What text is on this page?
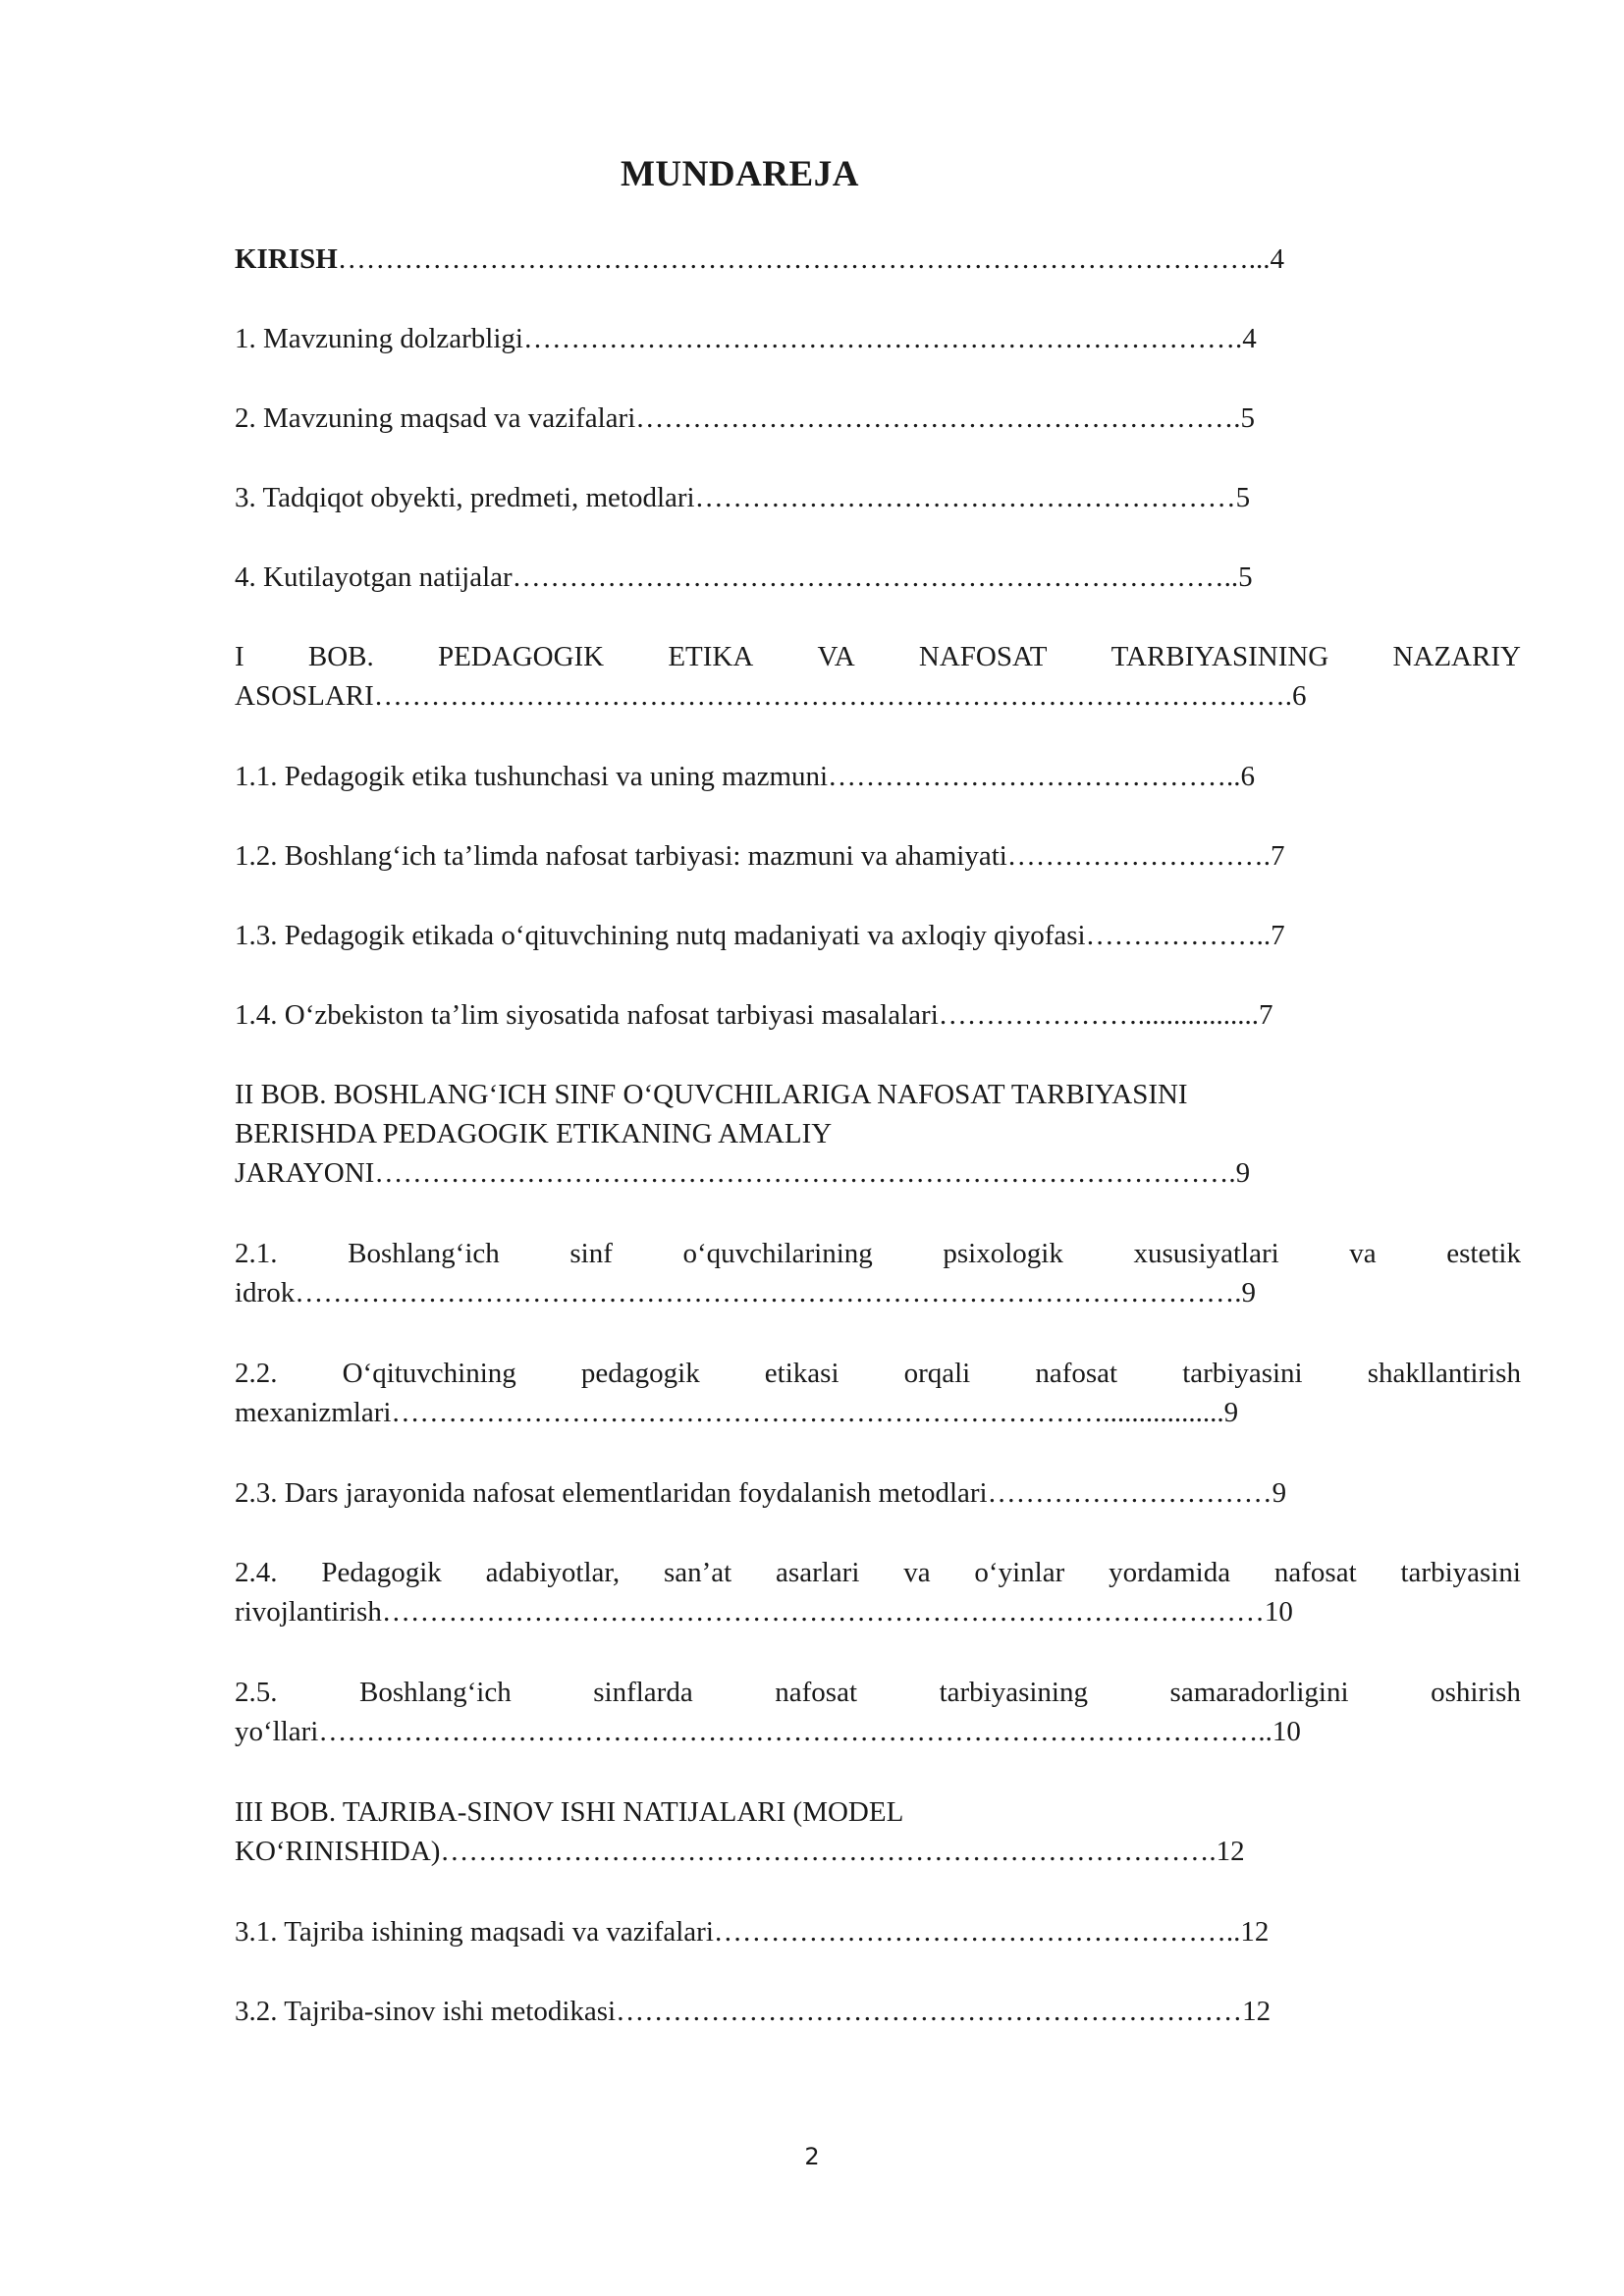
MUNDAREJA
KIRISH……………………………………………………………………………………...4
1. Mavzuning dolzarbligi………………………………………………………………….4
2. Mavzuning maqsad va vazifalari……………………………………………………….5
3. Tadqiqot obyekti, predmeti, metodlari…………………………………………………5
4. Kutilayotgan natijalar…………………………………………………………………..5
I BOB. PEDAGOGIK ETIKA VA NAFOSAT TARBIYASINING NAZARIY
ASOSLARI…………………………………………………………………………………….6
1.1. Pedagogik etika tushunchasi va uning mazmuni……………………………………..6
1.2. Boshlang‘ich ta’limda nafosat tarbiyasi: mazmuni va ahamiyati……………………….7
1.3. Pedagogik etikada o‘qituvchining nutq madaniyati va axloqiy qiyofasi………………..7
1.4. O‘zbekiston ta’lim siyosatida nafosat tarbiyasi masalalari………………….................7
II BOB. BOSHLANG‘ICH SINF O‘QUVCHILARIGA NAFOSAT TARBIYASINI
BERISHDA PEDAGOGIK ETIKANING AMALIY
JARAYONI……………………………………………………………………………….9
2.1. Boshlang‘ich sinf o‘quvchilarining psixologik xususiyatlari va estetik
idrok……………………………………………………………………………………….9
2.2. O‘qituvchining pedagogik etikasi orqali nafosat tarbiyasini shakllantirish
mexanizmlari………………………………………………………………….................9
2.3. Dars jarayonida nafosat elementlaridan foydalanish metodlari…………………………9
2.4. Pedagogik adabiyotlar, san’at asarlari va o‘yinlar yordamida nafosat tarbiyasini
rivojlantirish…………………………………………………………………………………10
2.5.	Boshlang‘ich	sinflarda	nafosat	tarbiyasining	samaradorligini	oshirish
yo‘llari………………………………………………………………………………………..10
III BOB. TAJRIBA-SINOV ISHI NATIJALARI (MODEL
KO‘RINISHIDA)……………………………………………………………………….12
3.1. Tajriba ishining maqsadi va vazifalari………………………………………………..12
3.2. Tajriba-sinov ishi metodikasi…………………………………………………………12
2
